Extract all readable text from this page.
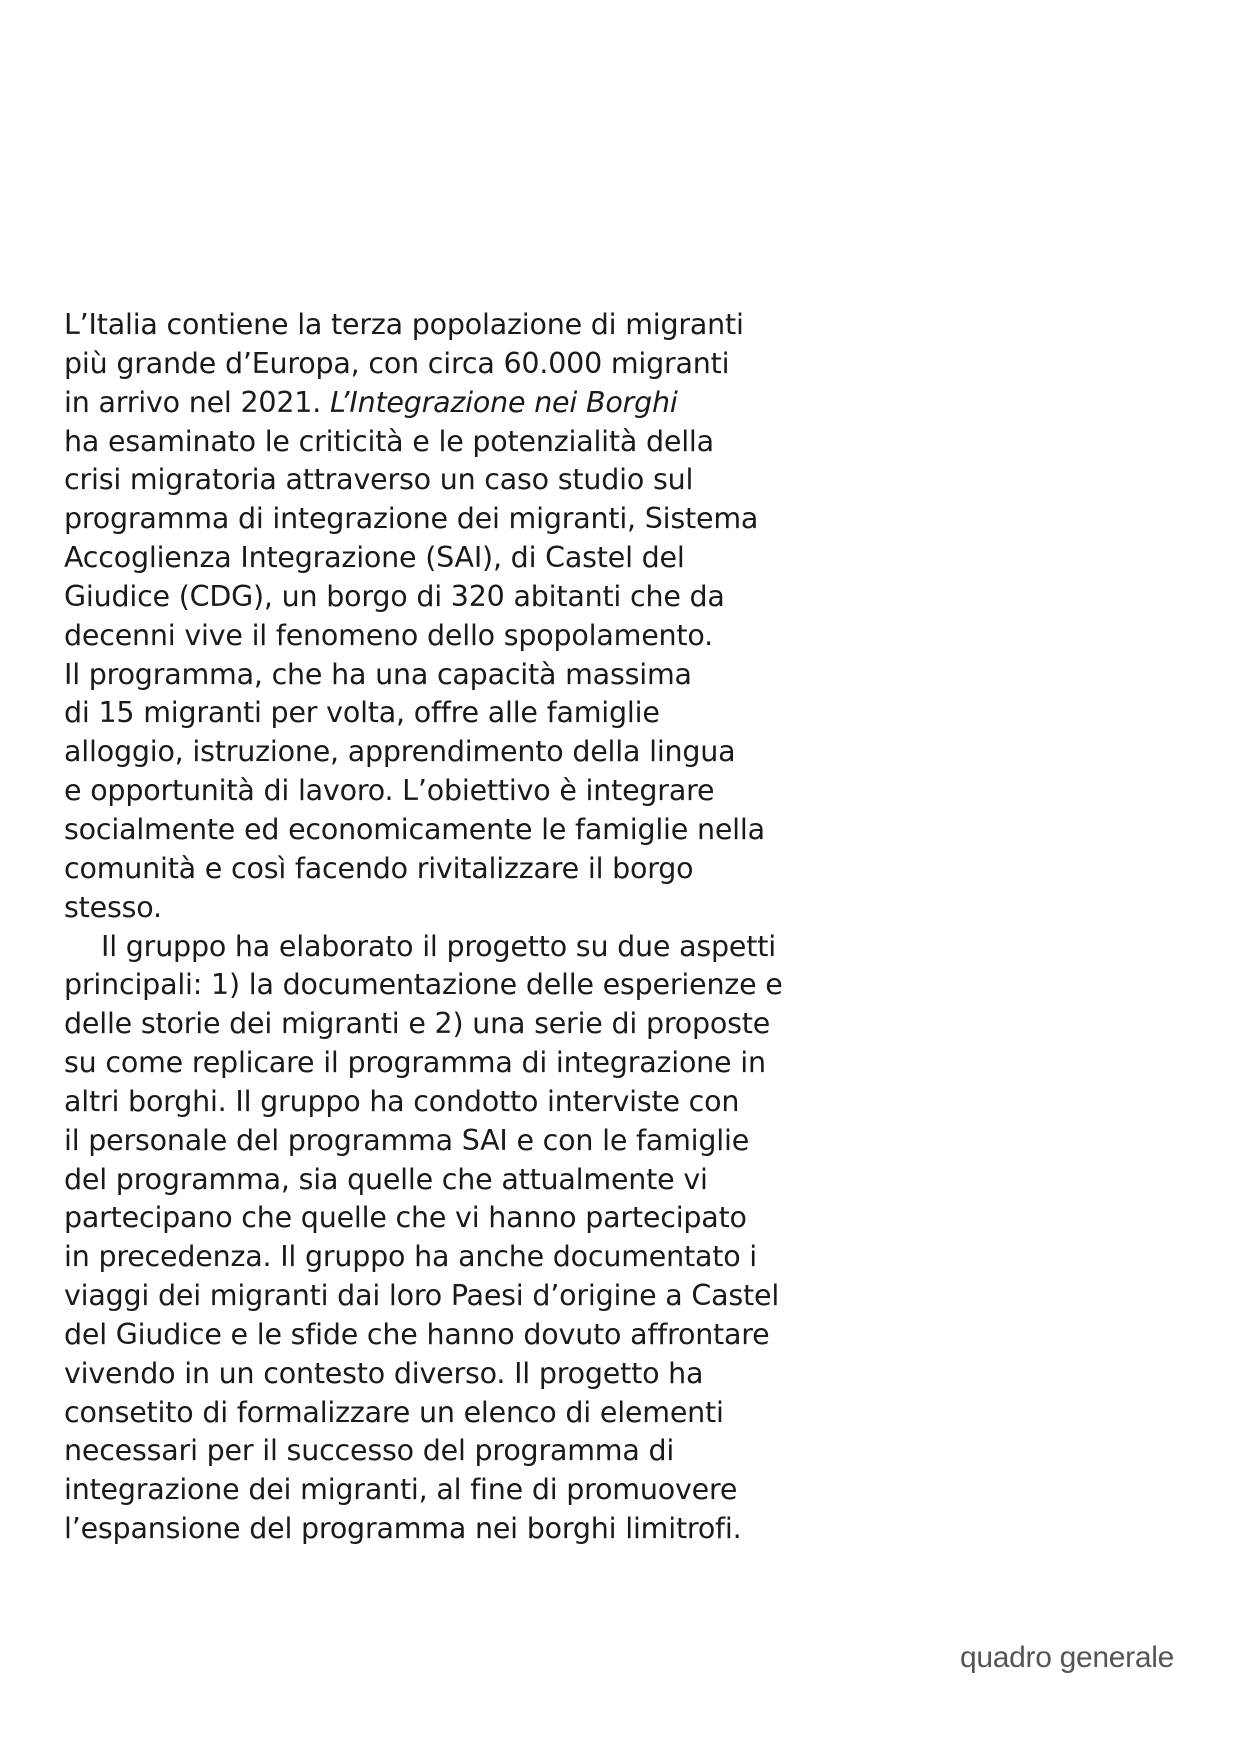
L’Italia contiene la terza popolazione di migranti
più grande d’Europa, con circa 60.000 migranti
in arrivo nel 2021. L’Integrazione nei Borghi
ha esaminato le criticità e le potenzialità della
crisi migratoria attraverso un caso studio sul
programma di integrazione dei migranti, Sistema
Accoglienza Integrazione (SAI), di Castel del
Giudice (CDG), un borgo di 320 abitanti che da
decenni vive il fenomeno dello spopolamento.
Il programma, che ha una capacità massima
di 15 migranti per volta, offre alle famiglie
alloggio, istruzione, apprendimento della lingua
e opportunità di lavoro. L’obiettivo è integrare
socialmente ed economicamente le famiglie nella
comunità e così facendo rivitalizzare il borgo
stesso.
Il gruppo ha elaborato il progetto su due aspetti
principali: 1) la documentazione delle esperienze e
delle storie dei migranti e 2) una serie di proposte
su come replicare il programma di integrazione in
altri borghi. Il gruppo ha condotto interviste con
il personale del programma SAI e con le famiglie
del programma, sia quelle che attualmente vi
partecipano che quelle che vi hanno partecipato
in precedenza. Il gruppo ha anche documentato i
viaggi dei migranti dai loro Paesi d’origine a Castel
del Giudice e le sfide che hanno dovuto affrontare
vivendo in un contesto diverso. Il progetto ha
consetito di formalizzare un elenco di elementi
necessari per il successo del programma di
integrazione dei migranti, al fine di promuovere
l’espansione del programma nei borghi limitrofi.
quadro generale
